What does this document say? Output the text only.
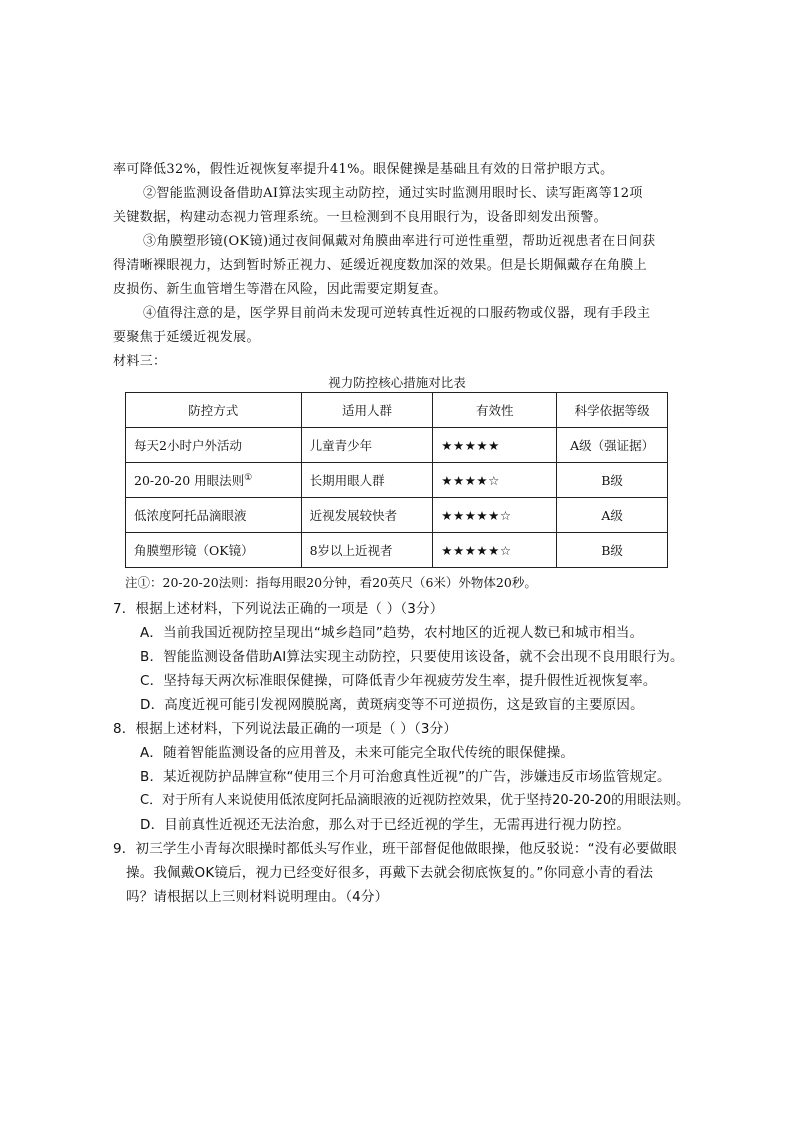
率可降低32%，假性近视恢复率提升41%。眼保健操是基础且有效的日常护眼方式。
②智能监测设备借助AI算法实现主动防控，通过实时监测用眼时长、读写距离等12项
关键数据，构建动态视力管理系统。一旦检测到不良用眼行为，设备即刻发出预警。
③角膜塑形镜(OK镜)通过夜间佩戴对角膜曲率进行可逆性重塑，帮助近视患者在日间获
得清晰裸眼视力，达到暂时矫正视力、延缓近视度数加深的效果。但是长期佩戴存在角膜上
皮损伤、新生血管增生等潜在风险，因此需要定期复查。
④值得注意的是，医学界目前尚未发现可逆转真性近视的口服药物或仪器，现有手段主
要聚焦于延缓近视发展。
材料三：
视力防控核心措施对比表
防控方式	适用人群	有效性	科学依据等级
每天2小时户外活动	儿童青少年	★★★★★	A级（强证据）
20-20-20 用眼法则①	长期用眼人群	★★★★☆	B级
低浓度阿托品滴眼液	近视发展较快者	★★★★★☆	A级
角膜塑形镜（OK镜）	8岁以上近视者	★★★★★☆	B级
注①：20-20-20法则：指每用眼20分钟，看20英尺（6米）外物体20秒。
7．根据上述材料，下列说法正确的一项是（ ）（3分）
A．当前我国近视防控呈现出“城乡趋同”趋势，农村地区的近视人数已和城市相当。
B．智能监测设备借助AI算法实现主动防控，只要使用该设备，就不会出现不良用眼行为。
C．坚持每天两次标准眼保健操，可降低青少年视疲劳发生率，提升假性近视恢复率。
D．高度近视可能引发视网膜脱离，黄斑病变等不可逆损伤，这是致盲的主要原因。
8．根据上述材料，下列说法最正确的一项是（ ）（3分）
A．随着智能监测设备的应用普及，未来可能完全取代传统的眼保健操。
B．某近视防护品牌宣称“使用三个月可治愈真性近视”的广告，涉嫌违反市场监管规定。
C．对于所有人来说使用低浓度阿托品滴眼液的近视防控效果，优于坚持20-20-20的用眼法则。
D．目前真性近视还无法治愈，那么对于已经近视的学生，无需再进行视力防控。
9．初三学生小青每次眼操时都低头写作业，班干部督促他做眼操，他反驳说：“没有必要做眼
操。我佩戴OK镜后，视力已经变好很多，再戴下去就会彻底恢复的。”你同意小青的看法
吗？请根据以上三则材料说明理由。（4分）
